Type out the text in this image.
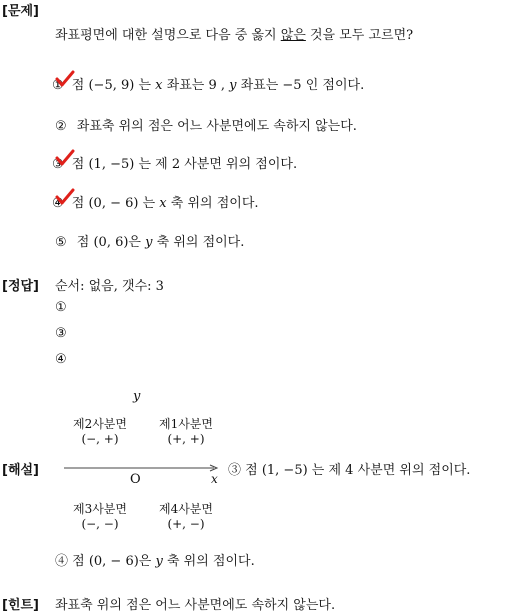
[문제]
좌표평면에 대한 설명으로 다음 중 옳지 않은 것을 모두 고르면?
① 점 (−5, 9) 는 x 좌표는 9 , y 좌표는 −5 인 점이다.
② 좌표축 위의 점은 어느 사분면에도 속하지 않는다.
③ 점 (1, −5) 는 제 2 사분면 위의 점이다.
④ 점 (0, − 6) 는 x 축 위의 점이다.
⑤ 점 (0, 6)은 y 축 위의 점이다.
[정답] 순서: 없음, 갯수: 3
①
③
④
[해설]
y
제2사분면
(−, +)
제1사분면
(+, +)
O	x
제3사분면
(−, −)
제4사분면
(+, −)
③ 점 (1, −5) 는 제 4 사분면 위의 점이다.
④ 점 (0, − 6)은 y 축 위의 점이다.
[힌트] 좌표축 위의 점은 어느 사분면에도 속하지 않는다.
